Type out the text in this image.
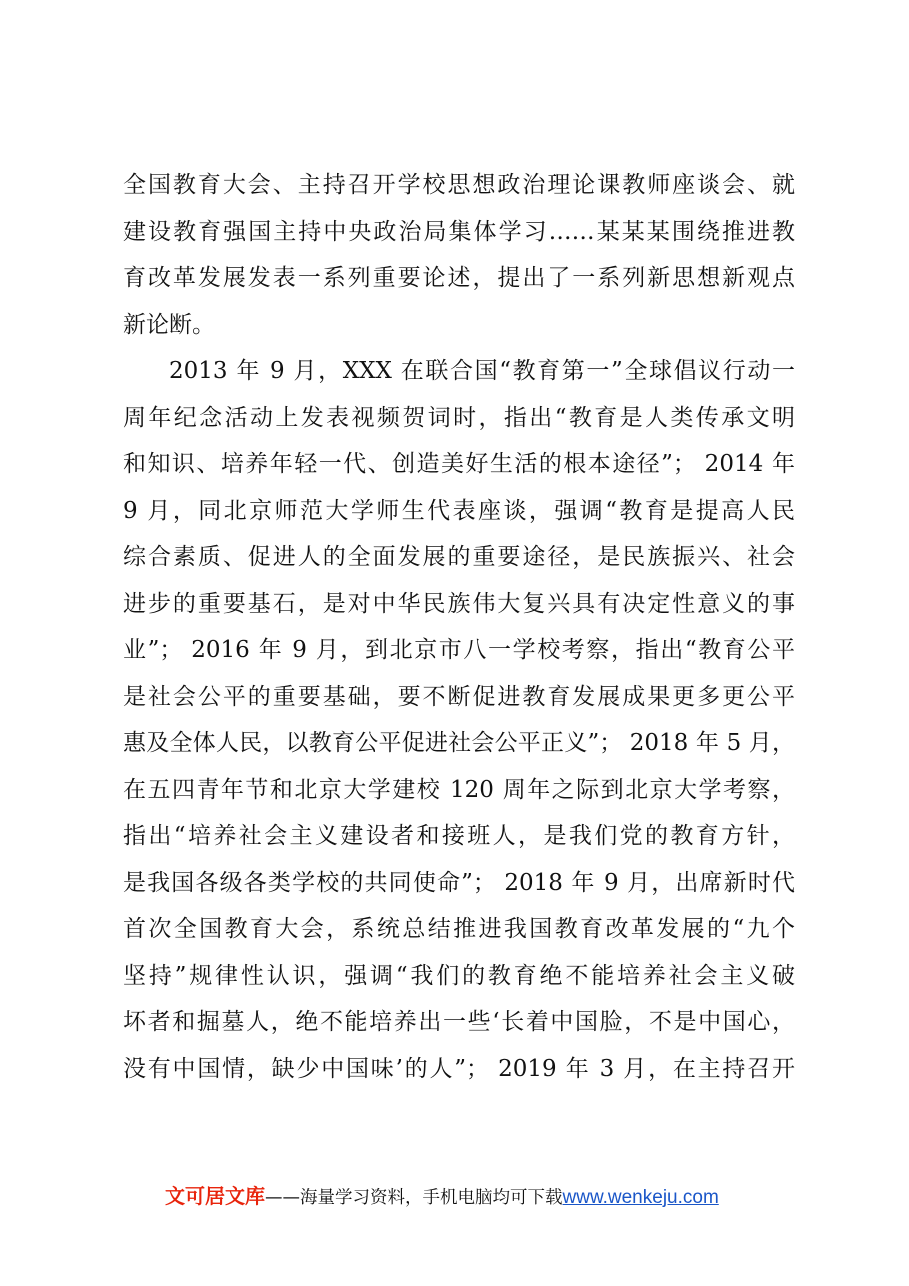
全国教育大会、主持召开学校思想政治理论课教师座谈会、就
建设教育强国主持中央政治局集体学习……某某某围绕推进教
育改革发展发表一系列重要论述，提出了一系列新思想新观点
新论断。
2013 年 9 月，XXX 在联合国“教育第一”全球倡议行动一
周年纪念活动上发表视频贺词时，指出“教育是人类传承文明
和知识、培养年轻一代、创造美好生活的根本途径”； 2014 年
9 月，同北京师范大学师生代表座谈，强调“教育是提高人民
综合素质、促进人的全面发展的重要途径，是民族振兴、社会
进步的重要基石，是对中华民族伟大复兴具有决定性意义的事
业”； 2016 年 9 月，到北京市八一学校考察，指出“教育公平
是社会公平的重要基础，要不断促进教育发展成果更多更公平
惠及全体人民，以教育公平促进社会公平正义”； 2018 年 5 月，
在五四青年节和北京大学建校 120 周年之际到北京大学考察，
指出“培养社会主义建设者和接班人，是我们党的教育方针，
是我国各级各类学校的共同使命”； 2018 年 9 月，出席新时代
首次全国教育大会，系统总结推进我国教育改革发展的“九个
坚持”规律性认识，强调“我们的教育绝不能培养社会主义破
坏者和掘墓人，绝不能培养出一些‘长着中国脸，不是中国心，
没有中国情，缺少中国味’的人”； 2019 年 3 月，在主持召开
文可居文库——海量学习资料，手机电脑均可下载www.wenkeju.com
